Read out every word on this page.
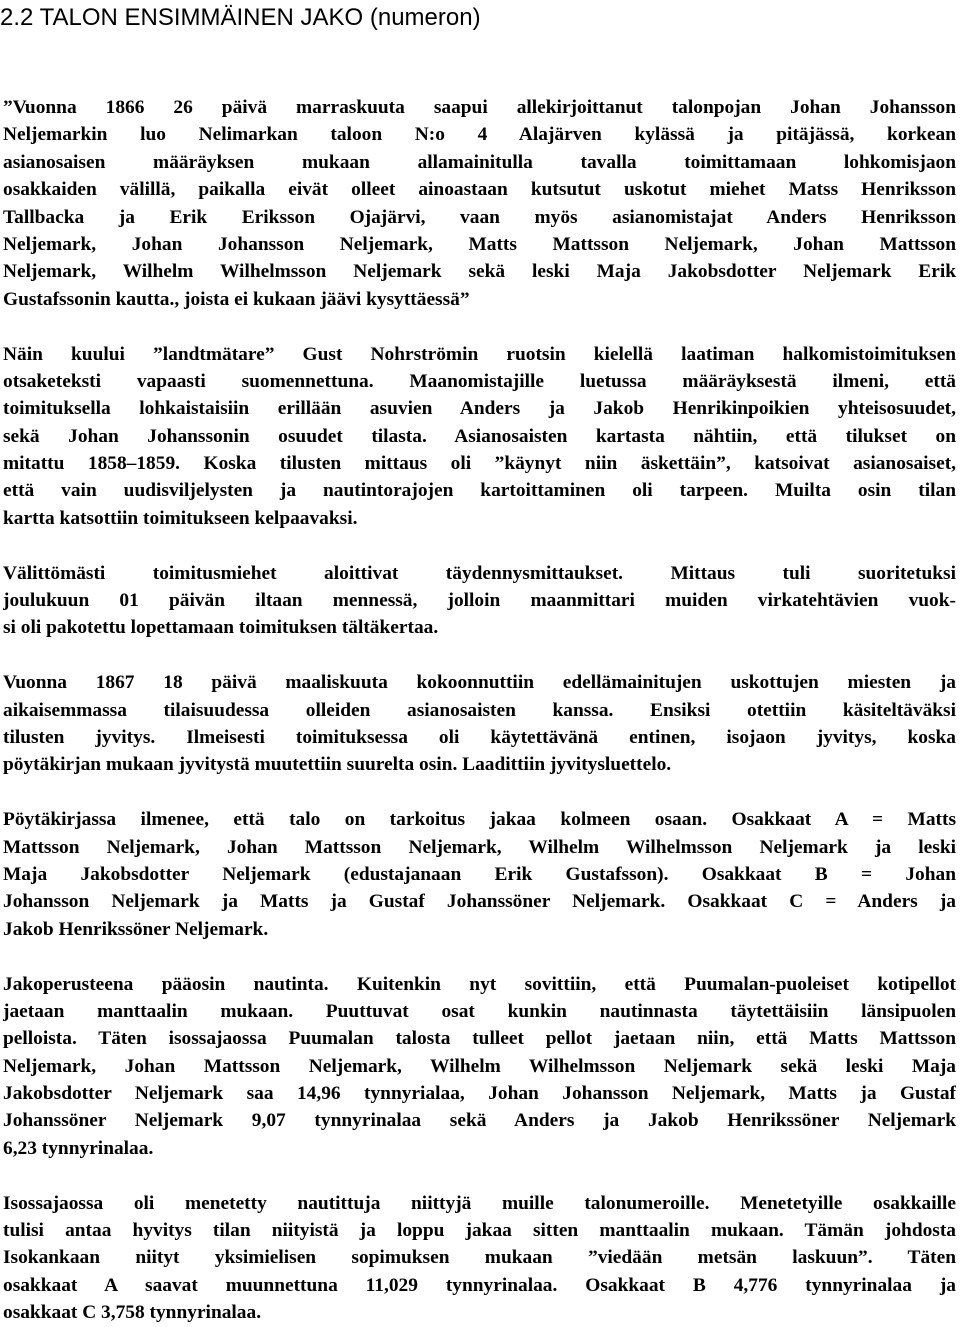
2.2 TALON ENSIMMÄINEN JAKO (numeron)
”Vuonna 1866 26 päivä marraskuuta saapui allekirjoittanut talonpojan Johan Johansson
Neljemarkin luo Nelimarkan taloon N:o 4 Alajärven kylässä ja pitäjässä, korkean
asianosaisen määräyksen mukaan allamainitulla tavalla toimittamaan lohkomisjaon
osakkaiden välillä, paikalla eivät olleet ainoastaan kutsutut uskotut miehet Matss Henriksson
Tallbacka ja Erik Eriksson Ojajärvi, vaan myös asianomistajat Anders Henriksson
Neljemark, Johan Johansson Neljemark, Matts Mattsson Neljemark, Johan Mattsson
Neljemark, Wilhelm Wilhelmsson Neljemark sekä leski Maja Jakobsdotter Neljemark Erik
Gustafssonin kautta., joista ei kukaan jäävi kysyttäessä”
Näin kuului ”landtmätare” Gust Nohrströmin ruotsin kielellä laatiman halkomistoimituksen
otsaketeksti vapaasti suomennettuna. Maanomistajille luetussa määräyksestä ilmeni, että
toimituksella lohkaistaisiin erillään asuvien Anders ja Jakob Henrikinpoikien yhteisosuudet,
sekä Johan Johanssonin osuudet tilasta. Asianosaisten kartasta nähtiin, että tilukset on
mitattu 1858–1859. Koska tilusten mittaus oli ”käynyt niin äskettäin”, katsoivat asianosaiset,
että vain uudisviljelysten ja nautintorajojen kartoittaminen oli tarpeen. Muilta osin tilan
kartta katsottiin toimitukseen kelpaavaksi.
Välittömästi toimitusmiehet aloittivat täydennysmittaukset. Mittaus tuli suoritetuksi
joulukuun 01 päivän iltaan mennessä, jolloin maanmittari muiden virkatehtävien vuok-
si oli pakotettu lopettamaan toimituksen tältäkertaa.
Vuonna 1867 18 päivä maaliskuuta kokoonnuttiin edellämainitujen uskottujen miesten ja
aikaisemmassa tilaisuudessa olleiden asianosaisten kanssa. Ensiksi otettiin käsiteltäväksi
tilusten jyvitys. Ilmeisesti toimituksessa oli käytettävänä entinen, isojaon jyvitys, koska
pöytäkirjan mukaan jyvitystä muutettiin suurelta osin. Laadittiin jyvitysluettelo.
Pöytäkirjassa ilmenee, että talo on tarkoitus jakaa kolmeen osaan. Osakkaat A = Matts
Mattsson Neljemark, Johan Mattsson Neljemark, Wilhelm Wilhelmsson Neljemark ja leski
Maja Jakobsdotter Neljemark (edustajanaan Erik Gustafsson). Osakkaat B = Johan
Johansson Neljemark ja Matts ja Gustaf Johanssöner Neljemark. Osakkaat C = Anders ja
Jakob Henrikssöner Neljemark.
Jakoperusteena pääosin nautinta. Kuitenkin nyt sovittiin, että Puumalan-puoleiset kotipellot
jaetaan manttaalin mukaan. Puuttuvat osat kunkin nautinnasta täytettäisiin länsipuolen
pelloista. Täten isossajaossa Puumalan talosta tulleet pellot jaetaan niin, että Matts Mattsson
Neljemark, Johan Mattsson Neljemark, Wilhelm Wilhelmsson Neljemark sekä leski Maja
Jakobsdotter Neljemark saa 14,96 tynnyrialaa, Johan Johansson Neljemark, Matts ja Gustaf
Johanssöner Neljemark 9,07 tynnyrinalaa sekä Anders ja Jakob Henrikssöner Neljemark
6,23 tynnyrinalaa.
Isossajaossa oli menetetty nautittuja niittyjä muille talonumeroille. Menetetyille osakkaille
tulisi antaa hyvitys tilan niityistä ja loppu jakaa sitten manttaalin mukaan. Tämän johdosta
Isokankaan niityt yksimielisen sopimuksen mukaan ”viedään metsän laskuun”. Täten
osakkaat A saavat muunnettuna 11,029 tynnyrinalaa. Osakkaat B 4,776 tynnyrinalaa ja
osakkaat C 3,758 tynnyrinalaa.
